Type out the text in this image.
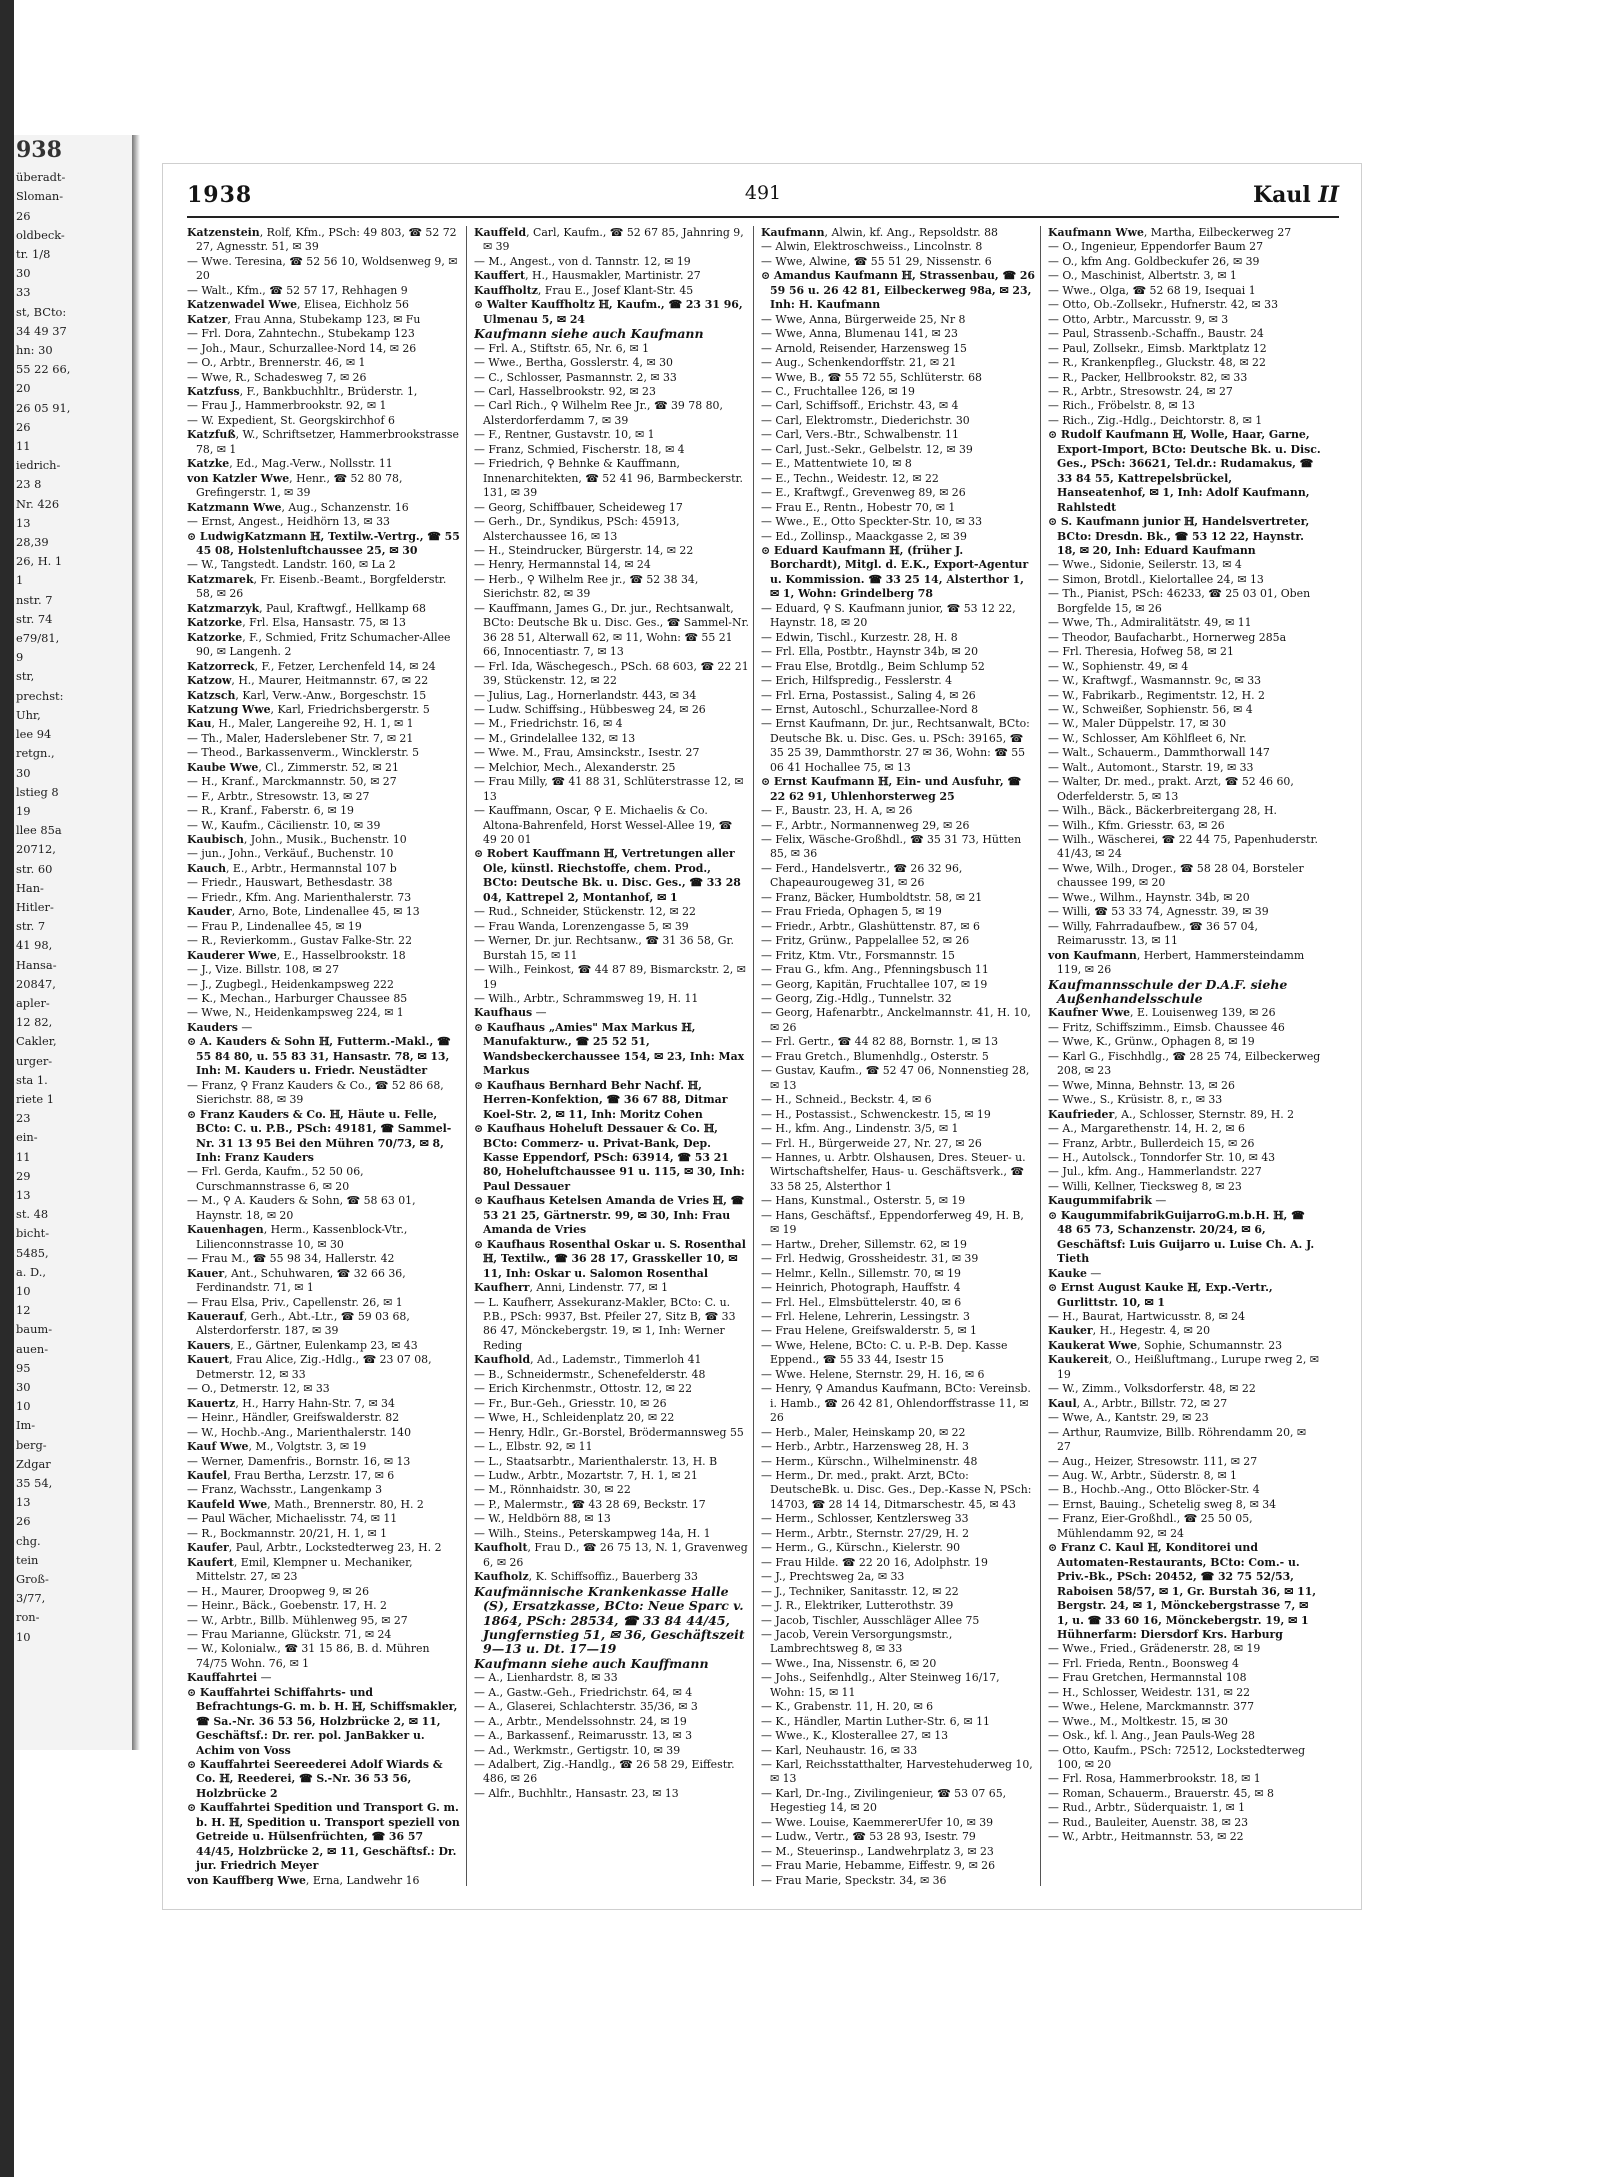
938
überadt-
Sloman-
26
oldbeck-
tr. 1/8
30
33
st, BCto:
34 49 37
hn: 30
55 22 66,
20
26 05 91,
26
11
iedrich-
23 8
Nr. 426
13
28,39
26, H. 1
1
nstr. 7
str. 74
e79/81,
9
str,
prechst:
Uhr,
lee 94
retgn.,
30
lstieg 8
19
llee 85a
20712,
str. 60
Han-
Hitler-
str. 7
41 98,
Hansa-
20847,
apler-
12 82,
Cakler,
urger-
sta 1.
riete 1
23
ein-
11
29
13
st. 48
bicht-
5485,
a. D.,
10
12
baum-
auen-
95
30
10
Im-
berg-
Zdgar
35 54,
13
26
chg.
tein
Groß-
3/77,
ron-
10
1938	491	Kaul II

Katzenstein, Rolf, Kfm., PSch: 49 803, ☎ 52 72 27, Agnesstr. 51, ✉ 39

— Wwe. Teresina, ☎ 52 56 10, Woldsenweg 9, ✉ 20

— Walt., Kfm., ☎ 52 57 17, Rehhagen 9

Katzenwadel Wwe, Elisea, Eichholz 56

Katzer, Frau Anna, Stubekamp 123, ✉ Fu

— Frl. Dora, Zahntechn., Stubekamp 123

— Joh., Maur., Schurzallee-Nord 14, ✉ 26

— O., Arbtr., Brennerstr. 46, ✉ 1

— Wwe, R., Schadesweg 7, ✉ 26

Katzfuss, F., Bankbuchhltr., Brüderstr. 1,

— Frau J., Hammerbrookstr. 92, ✉ 1

— W. Expedient, St. Georgskirchhof 6

Katzfuß, W., Schriftsetzer, Hammerbrookstrasse 78, ✉ 1

Katzke, Ed., Mag.-Verw., Nollsstr. 11

von Katzler Wwe, Henr., ☎ 52 80 78, Grefingerstr. 1, ✉ 39

Katzmann Wwe, Aug., Schanzenstr. 16

— Ernst, Angest., Heidhörn 13, ✉ 33

⊙ LudwigKatzmann ℍ, Textilw.-Vertrg., ☎ 55 45 08, Holstenluftchaussee 25, ✉ 30

— W., Tangstedt. Landstr. 160, ✉ La 2

Katzmarek, Fr. Eisenb.-Beamt., Borgfelderstr. 58, ✉ 26

Katzmarzyk, Paul, Kraftwgf., Hellkamp 68

Katzorke, Frl. Elsa, Hansastr. 75, ✉ 13

Katzorke, F., Schmied, Fritz Schumacher-Allee 90, ✉ Langenh. 2

Katzorreck, F., Fetzer, Lerchenfeld 14, ✉ 24

Katzow, H., Maurer, Heitmannstr. 67, ✉ 22

Katzsch, Karl, Verw.-Anw., Borgeschstr. 15

Katzung Wwe, Karl, Friedrichsbergerstr. 5

Kau, H., Maler, Langereihe 92, H. 1, ✉ 1

— Th., Maler, Haderslebener Str. 7, ✉ 21

— Theod., Barkassenverm., Wincklerstr. 5

Kaube Wwe, Cl., Zimmerstr. 52, ✉ 21

— H., Kranf., Marckmannstr. 50, ✉ 27

— F., Arbtr., Stresowstr. 13, ✉ 27

— R., Kranf., Faberstr. 6, ✉ 19

— W., Kaufm., Cäcilienstr. 10, ✉ 39

Kaubisch, John., Musik., Buchenstr. 10

— jun., John., Verkäuf., Buchenstr. 10

Kauch, E., Arbtr., Hermannstal 107 b

— Friedr., Hauswart, Bethesdastr. 38

— Friedr., Kfm. Ang. Marienthalerstr. 73

Kauder, Arno, Bote, Lindenallee 45, ✉ 13

— Frau P., Lindenallee 45, ✉ 19

— R., Revierkomm., Gustav Falke-Str. 22

Kauderer Wwe, E., Hasselbrookstr. 18

— J., Vize. Billstr. 108, ✉ 27

— J., Zugbegl., Heidenkampsweg 222

— K., Mechan., Harburger Chaussee 85

— Wwe, N., Heidenkampsweg 224, ✉ 1

Kauders —

⊙ A. Kauders & Sohn ℍ, Futterm.-Makl., ☎ 55 84 80, u. 55 83 31, Hansastr. 78, ✉ 13, Inh: M. Kauders u. Friedr. Neustädter

— Franz, ⚲ Franz Kauders & Co., ☎ 52 86 68, Sierichstr. 88, ✉ 39

⊙ Franz Kauders & Co. ℍ, Häute u. Felle, BCto: C. u. P.B., PSch: 49181, ☎ Sammel-Nr. 31 13 95 Bei den Mühren 70/73, ✉ 8, Inh: Franz Kauders

— Frl. Gerda, Kaufm., 52 50 06, Curschmannstrasse 6, ✉ 20

— M., ⚲ A. Kauders & Sohn, ☎ 58 63 01, Haynstr. 18, ✉ 20

Kauenhagen, Herm., Kassenblock-Vtr., Lilienconnstrasse 10, ✉ 30

— Frau M., ☎ 55 98 34, Hallerstr. 42

Kauer, Ant., Schuhwaren, ☎ 32 66 36, Ferdinandstr. 71, ✉ 1

— Frau Elsa, Priv., Capellenstr. 26, ✉ 1

Kauerauf, Gerh., Abt.-Ltr., ☎ 59 03 68, Alsterdorferstr. 187, ✉ 39

Kauers, E., Gärtner, Eulenkamp 23, ✉ 43

Kauert, Frau Alice, Zig.-Hdlg., ☎ 23 07 08, Detmerstr. 12, ✉ 33

— O., Detmerstr. 12, ✉ 33

Kauertz, H., Harry Hahn-Str. 7, ✉ 34

— Heinr., Händler, Greifswalderstr. 82

— W., Hochb.-Ang., Marienthalerstr. 140

Kauf Wwe, M., Volgtstr. 3, ✉ 19

— Werner, Damenfris., Bornstr. 16, ✉ 13

Kaufel, Frau Bertha, Lerzstr. 17, ✉ 6

— Franz, Wachsstr., Langenkamp 3

Kaufeld Wwe, Math., Brennerstr. 80, H. 2

— Paul Wächer, Michaelisstr. 74, ✉ 11

— R., Bockmannstr. 20/21, H. 1, ✉ 1

Kaufer, Paul, Arbtr., Lockstedterweg 23, H. 2

Kaufert, Emil, Klempner u. Mechaniker, Mittelstr. 27, ✉ 23

— H., Maurer, Droopweg 9, ✉ 26

— Heinr., Bäck., Goebenstr. 17, H. 2

— W., Arbtr., Billb. Mühlenweg 95, ✉ 27

— Frau Marianne, Glückstr. 71, ✉ 24

— W., Kolonialw., ☎ 31 15 86, B. d. Mühren 74/75 Wohn. 76, ✉ 1

Kauffahrtei —

⊙ Kauffahrtei Schiffahrts- und Befrachtungs-G. m. b. H. ℍ, Schiffsmakler, ☎ Sa.-Nr. 36 53 56, Holzbrücke 2, ✉ 11, Geschäftsf.: Dr. rer. pol. JanBakker u. Achim von Voss

⊙ Kauffahrtei Seereederei Adolf Wiards & Co. ℍ, Reederei, ☎ S.-Nr. 36 53 56, Holzbrücke 2

⊙ Kauffahrtei Spedition und Transport G. m. b. H. ℍ, Spedition u. Transport speziell von Getreide u. Hülsenfrüchten, ☎ 36 57 44/45, Holzbrücke 2, ✉ 11, Geschäftsf.: Dr. jur. Friedrich Meyer

von Kauffberg Wwe, Erna, Landwehr 16

Kauffeld, Carl, Kaufm., ☎ 52 67 85, Jahnring 9, ✉ 39

— M., Angest., von d. Tannstr. 12, ✉ 19

Kauffert, H., Hausmakler, Martinistr. 27

Kauffholtz, Frau E., Josef Klant-Str. 45

⊙ Walter Kauffholtz ℍ, Kaufm., ☎ 23 31 96, Ulmenau 5, ✉ 24

Kaufmann siehe auch Kaufmann

— Frl. A., Stiftstr. 65, Nr. 6, ✉ 1

— Wwe., Bertha, Gosslerstr. 4, ✉ 30

— C., Schlosser, Pasmannstr. 2, ✉ 33

— Carl, Hasselbrookstr. 92, ✉ 23

— Carl Rich., ⚲ Wilhelm Ree Jr., ☎ 39 78 80, Alsterdorferdamm 7, ✉ 39

— F., Rentner, Gustavstr. 10, ✉ 1

— Franz, Schmied, Fischerstr. 18, ✉ 4

— Friedrich, ⚲ Behnke & Kauffmann, Innenarchitekten, ☎ 52 41 96, Barmbeckerstr. 131, ✉ 39

— Georg, Schiffbauer, Scheideweg 17

— Gerh., Dr., Syndikus, PSch: 45913, Alsterchaussee 16, ✉ 13

— H., Steindrucker, Bürgerstr. 14, ✉ 22

— Henry, Hermannstal 14, ✉ 24

— Herb., ⚲ Wilhelm Ree jr., ☎ 52 38 34, Sierichstr. 82, ✉ 39

— Kauffmann, James G., Dr. jur., Rechtsanwalt, BCto: Deutsche Bk u. Disc. Ges., ☎ Sammel-Nr. 36 28 51, Alterwall 62, ✉ 11, Wohn: ☎ 55 21 66, Innocentiastr. 7, ✉ 13

— Frl. Ida, Wäschegesch., PSch. 68 603, ☎ 22 21 39, Stückenstr. 12, ✉ 22

— Julius, Lag., Hornerlandstr. 443, ✉ 34

— Ludw. Schiffsing., Hübbesweg 24, ✉ 26

— M., Friedrichstr. 16, ✉ 4

— M., Grindelallee 132, ✉ 13

— Wwe. M., Frau, Amsinckstr., Isestr. 27

— Melchior, Mech., Alexanderstr. 25

— Frau Milly, ☎ 41 88 31, Schlüterstrasse 12, ✉ 13

— Kauffmann, Oscar, ⚲ E. Michaelis & Co. Altona-Bahrenfeld, Horst Wessel-Allee 19, ☎ 49 20 01

⊙ Robert Kauffmann ℍ, Vertretungen aller Ole, künstl. Riechstoffe, chem. Prod., BCto: Deutsche Bk. u. Disc. Ges., ☎ 33 28 04, Kattrepel 2, Montanhof, ✉ 1

— Rud., Schneider, Stückenstr. 12, ✉ 22

— Frau Wanda, Lorenzengasse 5, ✉ 39

— Werner, Dr. jur. Rechtsanw., ☎ 31 36 58, Gr. Burstah 15, ✉ 11

— Wilh., Feinkost, ☎ 44 87 89, Bismarckstr. 2, ✉ 19

— Wilh., Arbtr., Schrammsweg 19, H. 11

Kaufhaus —

⊙ Kaufhaus „Amies" Max Markus ℍ, Manufakturw., ☎ 25 52 51, Wandsbeckerchaussee 154, ✉ 23, Inh: Max Markus

⊙ Kaufhaus Bernhard Behr Nachf. ℍ, Herren-Konfektion, ☎ 36 67 88, Ditmar Koel-Str. 2, ✉ 11, Inh: Moritz Cohen

⊙ Kaufhaus Hoheluft Dessauer & Co. ℍ, BCto: Commerz- u. Privat-Bank, Dep. Kasse Eppendorf, PSch: 63914, ☎ 53 21 80, Hoheluftchaussee 91 u. 115, ✉ 30, Inh: Paul Dessauer

⊙ Kaufhaus Ketelsen Amanda de Vries ℍ, ☎ 53 21 25, Gärtnerstr. 99, ✉ 30, Inh: Frau Amanda de Vries

⊙ Kaufhaus Rosenthal Oskar u. S. Rosenthal ℍ, Textilw., ☎ 36 28 17, Grasskeller 10, ✉ 11, Inh: Oskar u. Salomon Rosenthal

Kaufherr, Anni, Lindenstr. 77, ✉ 1

— L. Kaufherr, Assekuranz-Makler, BCto: C. u. P.B., PSch: 9937, Bst. Pfeiler 27, Sitz B, ☎ 33 86 47, Mönckebergstr. 19, ✉ 1, Inh: Werner Reding

Kaufhold, Ad., Lademstr., Timmerloh 41

— B., Schneidermstr., Schenefelderstr. 48

— Erich Kirchenmstr., Ottostr. 12, ✉ 22

— Fr., Bur.-Geh., Griesstr. 10, ✉ 26

— Wwe, H., Schleidenplatz 20, ✉ 22

— Henry, Hdlr., Gr.-Borstel, Brödermannsweg 55

— L., Elbstr. 92, ✉ 11

— L., Staatsarbtr., Marienthalerstr. 13, H. B

— Ludw., Arbtr., Mozartstr. 7, H. 1, ✉ 21

— M., Rönnhaidstr. 30, ✉ 22

— P., Malermstr., ☎ 43 28 69, Beckstr. 17

— W., Heldbörn 88, ✉ 13

— Wilh., Steins., Peterskampweg 14a, H. 1

Kaufholt, Frau D., ☎ 26 75 13, N. 1, Gravenweg 6, ✉ 26

Kaufholz, K. Schiffsoffiz., Bauerberg 33

Kaufmännische Krankenkasse Halle (S), Ersatzkasse, BCto: Neue Sparc v. 1864, PSch: 28534, ☎ 33 84 44/45, Jungfernstieg 51, ✉ 36, Geschäftszeit 9—13 u. Dt. 17—19

Kaufmann siehe auch Kauffmann

— A., Lienhardstr. 8, ✉ 33

— A., Gastw.-Geh., Friedrichstr. 64, ✉ 4

— A., Glaserei, Schlachterstr. 35/36, ✉ 3

— A., Arbtr., Mendelssohnstr. 24, ✉ 19

— A., Barkassenf., Reimarusstr. 13, ✉ 3

— Ad., Werkmstr., Gertigstr. 10, ✉ 39

— Adalbert, Zig.-Handlg., ☎ 26 58 29, Eiffestr. 486, ✉ 26

— Alfr., Buchhltr., Hansastr. 23, ✉ 13

Kaufmann, Alwin, kf. Ang., Repsoldstr. 88

— Alwin, Elektroschweiss., Lincolnstr. 8

— Wwe, Alwine, ☎ 55 51 29, Nissenstr. 6

⊙ Amandus Kaufmann ℍ, Strassenbau, ☎ 26 59 56 u. 26 42 81, Eilbeckerweg 98a, ✉ 23, Inh: H. Kaufmann

— Wwe, Anna, Bürgerweide 25, Nr 8

— Wwe, Anna, Blumenau 141, ✉ 23

— Arnold, Reisender, Harzensweg 15

— Aug., Schenkendorffstr. 21, ✉ 21

— Wwe, B., ☎ 55 72 55, Schlüterstr. 68

— C., Fruchtallee 126, ✉ 19

— Carl, Schiffsoff., Erichstr. 43, ✉ 4

— Carl, Elektromstr., Diederichstr. 30

— Carl, Vers.-Btr., Schwalbenstr. 11

— Carl, Just.-Sekr., Gelbelstr. 12, ✉ 39

— E., Mattentwiete 10, ✉ 8

— E., Techn., Weidestr. 12, ✉ 22

— E., Kraftwgf., Grevenweg 89, ✉ 26

— Frau E., Rentn., Hobestr 70, ✉ 1

— Wwe., E., Otto Speckter-Str. 10, ✉ 33

— Ed., Zollinsp., Maackgasse 2, ✉ 39

⊙ Eduard Kaufmann ℍ, (früher J. Borchardt), Mitgl. d. E.K., Export-Agentur u. Kommission. ☎ 33 25 14, Alsterthor 1, ✉ 1, Wohn: Grindelberg 78

— Eduard, ⚲ S. Kaufmann junior, ☎ 53 12 22, Haynstr. 18, ✉ 20

— Edwin, Tischl., Kurzestr. 28, H. 8

— Frl. Ella, Postbtr., Haynstr 34b, ✉ 20

— Frau Else, Brotdlg., Beim Schlump 52

— Erich, Hilfspredig., Fesslerstr. 4

— Frl. Erna, Postassist., Saling 4, ✉ 26

— Ernst, Autoschl., Schurzallee-Nord 8

— Ernst Kaufmann, Dr. jur., Rechtsanwalt, BCto: Deutsche Bk. u. Disc. Ges. u. PSch: 39165, ☎ 35 25 39, Dammthorstr. 27 ✉ 36, Wohn: ☎ 55 06 41 Hochallee 75, ✉ 13

⊙ Ernst Kaufmann ℍ, Ein- und Ausfuhr, ☎ 22 62 91, Uhlenhorsterweg 25

— F., Baustr. 23, H. A, ✉ 26

— F., Arbtr., Normannenweg 29, ✉ 26

— Felix, Wäsche-Großhdl., ☎ 35 31 73, Hütten 85, ✉ 36

— Ferd., Handelsvertr., ☎ 26 32 96, Chapeaurougeweg 31, ✉ 26

— Franz, Bäcker, Humboldtstr. 58, ✉ 21

— Frau Frieda, Ophagen 5, ✉ 19

— Friedr., Arbtr., Glashüttenstr. 87, ✉ 6

— Fritz, Grünw., Pappelallee 52, ✉ 26

— Fritz, Ktm. Vtr., Forsmannstr. 15

— Frau G., kfm. Ang., Pfenningsbusch 11

— Georg, Kapitän, Fruchtallee 107, ✉ 19

— Georg, Zig.-Hdlg., Tunnelstr. 32

— Georg, Hafenarbtr., Anckelmannstr. 41, H. 10, ✉ 26

— Frl. Gertr., ☎ 44 82 88, Bornstr. 1, ✉ 13

— Frau Gretch., Blumenhdlg., Osterstr. 5

— Gustav, Kaufm., ☎ 52 47 06, Nonnenstieg 28, ✉ 13

— H., Schneid., Beckstr. 4, ✉ 6

— H., Postassist., Schwenckestr. 15, ✉ 19

— H., kfm. Ang., Lindenstr. 3/5, ✉ 1

— Frl. H., Bürgerweide 27, Nr. 27, ✉ 26

— Hannes, u. Arbtr. Olshausen, Dres. Steuer- u. Wirtschaftshelfer, Haus- u. Geschäftsverk., ☎ 33 58 25, Alsterthor 1

— Hans, Kunstmal., Osterstr. 5, ✉ 19

— Hans, Geschäftsf., Eppendorferweg 49, H. B, ✉ 19

— Hartw., Dreher, Sillemstr. 62, ✉ 19

— Frl. Hedwig, Grossheidestr. 31, ✉ 39

— Helmr., Kelln., Sillemstr. 70, ✉ 19

— Heinrich, Photograph, Hauffstr. 4

— Frl. Hel., Elmsbüttelerstr. 40, ✉ 6

— Frl. Helene, Lehrerin, Lessingstr. 3

— Frau Helene, Greifswalderstr. 5, ✉ 1

— Wwe, Helene, BCto: C. u. P.-B. Dep. Kasse Eppend., ☎ 55 33 44, Isestr 15

— Wwe. Helene, Sternstr. 29, H. 16, ✉ 6

— Henry, ⚲ Amandus Kaufmann, BCto: Vereinsb. i. Hamb., ☎ 26 42 81, Ohlendorffstrasse 11, ✉ 26

— Herb., Maler, Heinskamp 20, ✉ 22

— Herb., Arbtr., Harzensweg 28, H. 3

— Herm., Kürschn., Wilhelminenstr. 48

— Herm., Dr. med., prakt. Arzt, BCto: DeutscheBk. u. Disc. Ges., Dep.-Kasse N, PSch: 14703, ☎ 28 14 14, Ditmarschestr. 45, ✉ 43

— Herm., Schlosser, Kentzlersweg 33

— Herm., Arbtr., Sternstr. 27/29, H. 2

— Herm., G., Kürschn., Kielerstr. 90

— Frau Hilde. ☎ 22 20 16, Adolphstr. 19

— J., Prechtsweg 2a, ✉ 33

— J., Techniker, Sanitasstr. 12, ✉ 22

— J. R., Elektriker, Lutterothstr. 39

— Jacob, Tischler, Ausschläger Allee 75

— Jacob, Verein Versorgungsmstr., Lambrechtsweg 8, ✉ 33

— Wwe., Ina, Nissenstr. 6, ✉ 20

— Johs., Seifenhdlg., Alter Steinweg 16/17, Wohn: 15, ✉ 11

— K., Grabenstr. 11, H. 20, ✉ 6

— K., Händler, Martin Luther-Str. 6, ✉ 11

— Wwe., K., Klosterallee 27, ✉ 13

— Karl, Neuhaustr. 16, ✉ 33

— Karl, Reichsstatthalter, Harvestehuderweg 10, ✉ 13

— Karl, Dr.-Ing., Zivilingenieur, ☎ 53 07 65, Hegestieg 14, ✉ 20

— Wwe. Louise, KaemmererUfer 10, ✉ 39

— Ludw., Vertr., ☎ 53 28 93, Isestr. 79

— M., Steuerinsp., Landwehrplatz 3, ✉ 23

— Frau Marie, Hebamme, Eiffestr. 9, ✉ 26

— Frau Marie, Speckstr. 34, ✉ 36

Kaufmann Wwe, Martha, Eilbeckerweg 27

— O., Ingenieur, Eppendorfer Baum 27

— O., kfm Ang. Goldbeckufer 26, ✉ 39

— O., Maschinist, Albertstr. 3, ✉ 1

— Wwe., Olga, ☎ 52 68 19, Isequai 1

— Otto, Ob.-Zollsekr., Hufnerstr. 42, ✉ 33

— Otto, Arbtr., Marcusstr. 9, ✉ 3

— Paul, Strassenb.-Schaffn., Baustr. 24

— Paul, Zollsekr., Eimsb. Marktplatz 12

— R., Krankenpfleg., Gluckstr. 48, ✉ 22

— R., Packer, Hellbrookstr. 82, ✉ 33

— R., Arbtr., Stresowstr. 24, ✉ 27

— Rich., Fröbelstr. 8, ✉ 13

— Rich., Zig.-Hdlg., Deichtorstr. 8, ✉ 1

⊙ Rudolf Kaufmann ℍ, Wolle, Haar, Garne, Export-Import, BCto: Deutsche Bk. u. Disc. Ges., PSch: 36621, Tel.dr.: Rudamakus, ☎ 33 84 55, Kattrepelsbrückel, Hanseatenhof, ✉ 1, Inh: Adolf Kaufmann, Rahlstedt

⊙ S. Kaufmann junior ℍ, Handelsvertreter, BCto: Dresdn. Bk., ☎ 53 12 22, Haynstr. 18, ✉ 20, Inh: Eduard Kaufmann

— Wwe., Sidonie, Seilerstr. 13, ✉ 4

— Simon, Brotdl., Kielortallee 24, ✉ 13

— Th., Pianist, PSch: 46233, ☎ 25 03 01, Oben Borgfelde 15, ✉ 26

— Wwe, Th., Admiralitätstr. 49, ✉ 11

— Theodor, Baufacharbt., Hornerweg 285a

— Frl. Theresia, Hofweg 58, ✉ 21

— W., Sophienstr. 49, ✉ 4

— W., Kraftwgf., Wasmannstr. 9c, ✉ 33

— W., Fabrikarb., Regimentstr. 12, H. 2

— W., Schweißer, Sophienstr. 56, ✉ 4

— W., Maler Düppelstr. 17, ✉ 30

— W., Schlosser, Am Köhlfleet 6, Nr.

— Walt., Schauerm., Dammthorwall 147

— Walt., Automont., Starstr. 19, ✉ 33

— Walter, Dr. med., prakt. Arzt, ☎ 52 46 60, Oderfelderstr. 5, ✉ 13

— Wilh., Bäck., Bäckerbreitergang 28, H.

— Wilh., Kfm. Griesstr. 63, ✉ 26

— Wilh., Wäscherei, ☎ 22 44 75, Papenhuderstr. 41/43, ✉ 24

— Wwe, Wilh., Droger., ☎ 58 28 04, Borsteler chaussee 199, ✉ 20

— Wwe., Wilhm., Haynstr. 34b, ✉ 20

— Willi, ☎ 53 33 74, Agnesstr. 39, ✉ 39

— Willy, Fahrradaufbew., ☎ 36 57 04, Reimarusstr. 13, ✉ 11

von Kaufmann, Herbert, Hammersteindamm 119, ✉ 26

Kaufmannsschule der D.A.F. siehe Außenhandelsschule

Kaufner Wwe, E. Louisenweg 139, ✉ 26

— Fritz, Schiffszimm., Eimsb. Chaussee 46

— Wwe, K., Grünw., Ophagen 8, ✉ 19

— Karl G., Fischhdlg., ☎ 28 25 74, Eilbeckerweg 208, ✉ 23

— Wwe, Minna, Behnstr. 13, ✉ 26

— Wwe., S., Krüsistr. 8, r., ✉ 33

Kaufrieder, A., Schlosser, Sternstr. 89, H. 2

— A., Margarethenstr. 14, H. 2, ✉ 6

— Franz, Arbtr., Bullerdeich 15, ✉ 26

— H., Autolsck., Tonndorfer Str. 10, ✉ 43

— Jul., kfm. Ang., Hammerlandstr. 227

— Willi, Kellner, Tiecksweg 8, ✉ 23

Kaugummifabrik —

⊙ KaugummifabrikGuijarroG.m.b.H. ℍ, ☎ 48 65 73, Schanzenstr. 20/24, ✉ 6, Geschäftsf: Luis Guijarro u. Luise Ch. A. J. Tieth

Kauke —

⊙ Ernst August Kauke ℍ, Exp.-Vertr., Gurlittstr. 10, ✉ 1

— H., Baurat, Hartwicusstr. 8, ✉ 24

Kauker, H., Hegestr. 4, ✉ 20

Kaukerat Wwe, Sophie, Schumannstr. 23

Kaukereit, O., Heißluftmang., Lurupe rweg 2, ✉ 19

— W., Zimm., Volksdorferstr. 48, ✉ 22

Kaul, A., Arbtr., Billstr. 72, ✉ 27

— Wwe, A., Kantstr. 29, ✉ 23

— Arthur, Raumvize, Billb. Röhrendamm 20, ✉ 27

— Aug., Heizer, Stresowstr. 111, ✉ 27

— Aug. W., Arbtr., Süderstr. 8, ✉ 1

— B., Hochb.-Ang., Otto Blöcker-Str. 4

— Ernst, Bauing., Schetelig sweg 8, ✉ 34

— Franz, Eier-Großhdl., ☎ 25 50 05, Mühlendamm 92, ✉ 24

⊙ Franz C. Kaul ℍ, Konditorei und Automaten-Restaurants, BCto: Com.- u. Priv.-Bk., PSch: 20452, ☎ 32 75 52/53, Raboisen 58/57, ✉ 1, Gr. Burstah 36, ✉ 11, Bergstr. 24, ✉ 1, Mönckebergstrasse 7, ✉ 1, u. ☎ 33 60 16, Mönckebergstr. 19, ✉ 1 Hühnerfarm: Diersdorf Krs. Harburg

— Wwe., Fried., Grädenerstr. 28, ✉ 19

— Frl. Frieda, Rentn., Boonsweg 4

— Frau Gretchen, Hermannstal 108

— H., Schlosser, Weidestr. 131, ✉ 22

— Wwe., Helene, Marckmannstr. 377

— Wwe., M., Moltkestr. 15, ✉ 30

— Osk., kf. l. Ang., Jean Pauls-Weg 28

— Otto, Kaufm., PSch: 72512, Lockstedterweg 100, ✉ 20

— Frl. Rosa, Hammerbrookstr. 18, ✉ 1

— Roman, Schauerm., Brauerstr. 45, ✉ 8

— Rud., Arbtr., Süderquaistr. 1, ✉ 1

— Rud., Bauleiter, Auenstr. 38, ✉ 23

— W., Arbtr., Heitmannstr. 53, ✉ 22
